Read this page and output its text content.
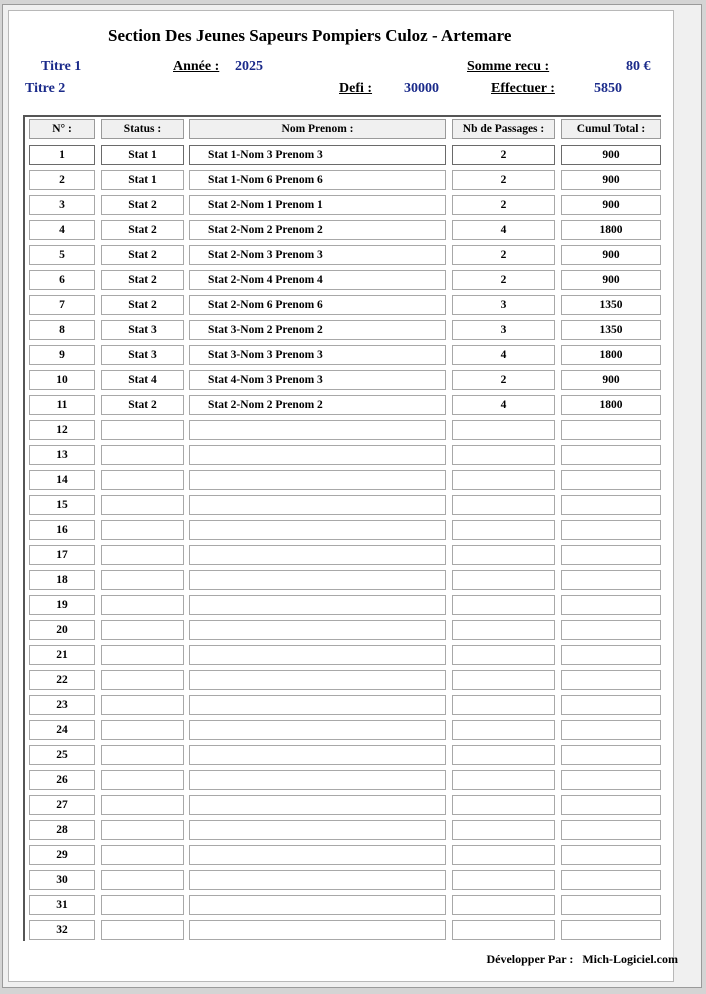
Section Des Jeunes Sapeurs Pompiers Culoz - Artemare
Titre 1	Année : 2025	Somme recu :	80 €
Titre 2	Defi : 30000	Effectuer :	5850
N° :	Status :	Nom Prenom :	Nb de Passages :	Cumul Total :
1	Stat 1	Stat 1-Nom 3 Prenom 3	2	900
2	Stat 1	Stat 1-Nom 6 Prenom 6	2	900
3	Stat 2	Stat 2-Nom 1 Prenom 1	2	900
4	Stat 2	Stat 2-Nom 2 Prenom 2	4	1800
5	Stat 2	Stat 2-Nom 3 Prenom 3	2	900
6	Stat 2	Stat 2-Nom 4 Prenom 4	2	900
7	Stat 2	Stat 2-Nom 6 Prenom 6	3	1350
8	Stat 3	Stat 3-Nom 2 Prenom 2	3	1350
9	Stat 3	Stat 3-Nom 3 Prenom 3	4	1800
10	Stat 4	Stat 4-Nom 3 Prenom 3	2	900
11	Stat 2	Stat 2-Nom 2 Prenom 2	4	1800
12
13
14
15
16
17
18
19
20
21
22
23
24
25
26
27
28
29
30
31
32
Développer Par : Mich-Logiciel.com
